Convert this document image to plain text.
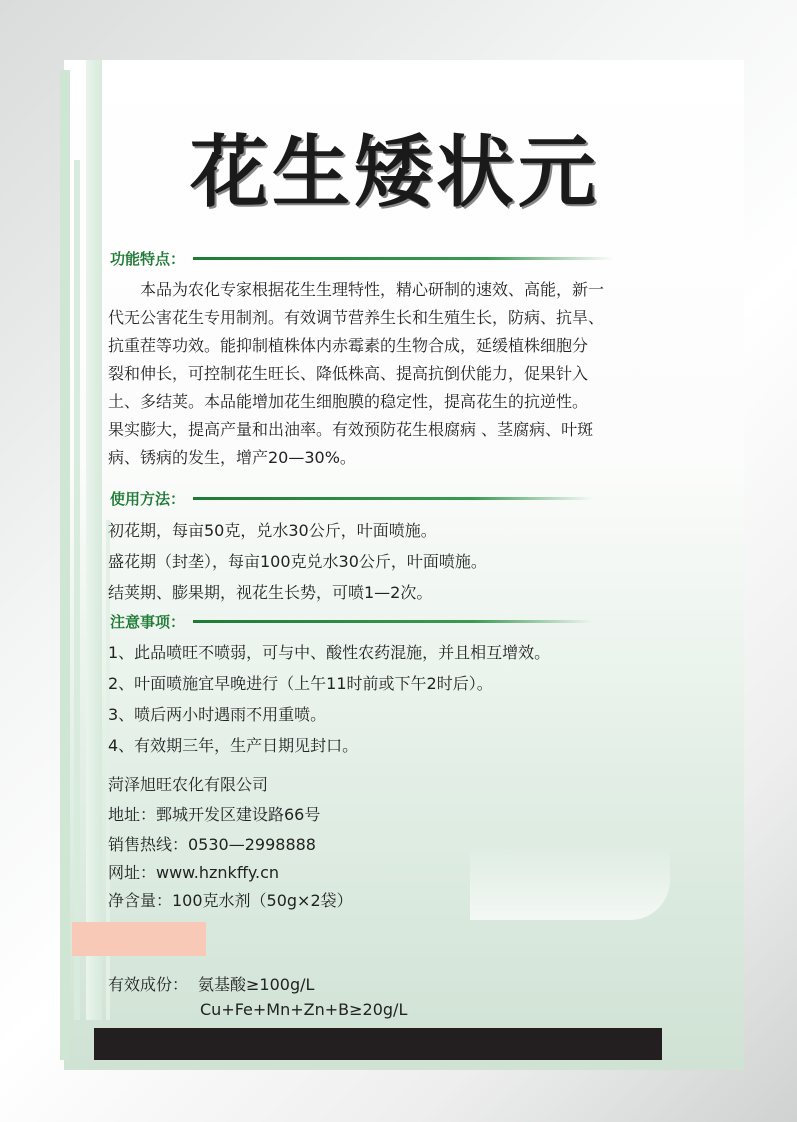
花生矮状元
功能特点：

　　本品为农化专家根据花生生理特性，精心研制的速效、高能，新一

代无公害花生专用制剂。有效调节营养生长和生殖生长，防病、抗旱、

抗重茬等功效。能抑制植株体内赤霉素的生物合成，延缓植株细胞分

裂和伸长，可控制花生旺长、降低株高、提高抗倒伏能力，促果针入

土、多结荚。本品能增加花生细胞膜的稳定性，提高花生的抗逆性。

果实膨大，提高产量和出油率。有效预防花生根腐病 、茎腐病、叶斑

病、锈病的发生，增产20—30%。

使用方法：
初花期，每亩50克，兑水30公斤，叶面喷施。
盛花期（封垄），每亩100克兑水30公斤，叶面喷施。
结荚期、膨果期，视花生长势，可喷1—2次。
注意事项：
1、此品喷旺不喷弱，可与中、酸性农药混施，并且相互增效。
2、叶面喷施宜早晚进行（上午11时前或下午2时后）。
3、喷后两小时遇雨不用重喷。
4、有效期三年，生产日期见封口。
菏泽旭旺农化有限公司
地址：鄄城开发区建设路66号
销售热线：0530—2998888
网址：www.hznkffy.cn
净含量：100克水剂（50g×2袋）
有效成份： 氨基酸≥100g/L
Cu+Fe+Mn+Zn+B≥20g/L
